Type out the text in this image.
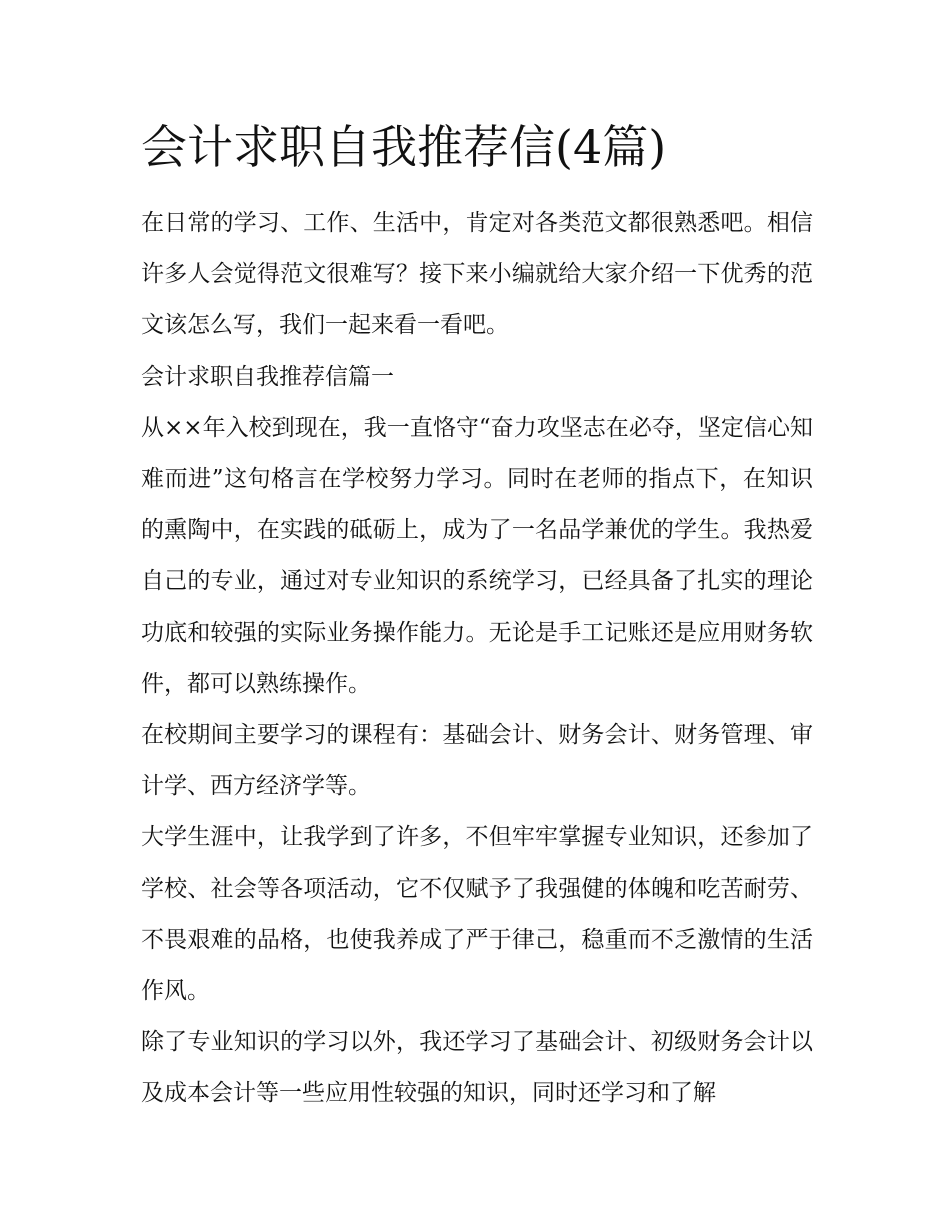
会计求职自我推荐信(4篇)

在日常的学习、工作、生活中，肯定对各类范文都很熟悉吧。相信许多人会觉得范文很难写？接下来小编就给大家介绍一下优秀的范文该怎么写，我们一起来看一看吧。

会计求职自我推荐信篇一

从××年入校到现在，我一直恪守“奋力攻坚志在必夺，坚定信心知难而进”这句格言在学校努力学习。同时在老师的指点下，在知识的熏陶中，在实践的砥砺上，成为了一名品学兼优的学生。我热爱自己的专业，通过对专业知识的系统学习，已经具备了扎实的理论功底和较强的实际业务操作能力。无论是手工记账还是应用财务软件，都可以熟练操作。

在校期间主要学习的课程有：基础会计、财务会计、财务管理、审计学、西方经济学等。

大学生涯中，让我学到了许多，不但牢牢掌握专业知识，还参加了学校、社会等各项活动，它不仅赋予了我强健的体魄和吃苦耐劳、不畏艰难的品格，也使我养成了严于律己，稳重而不乏激情的生活作风。

除了专业知识的学习以外，我还学习了基础会计、初级财务会计以及成本会计等一些应用性较强的知识，同时还学习和了解
